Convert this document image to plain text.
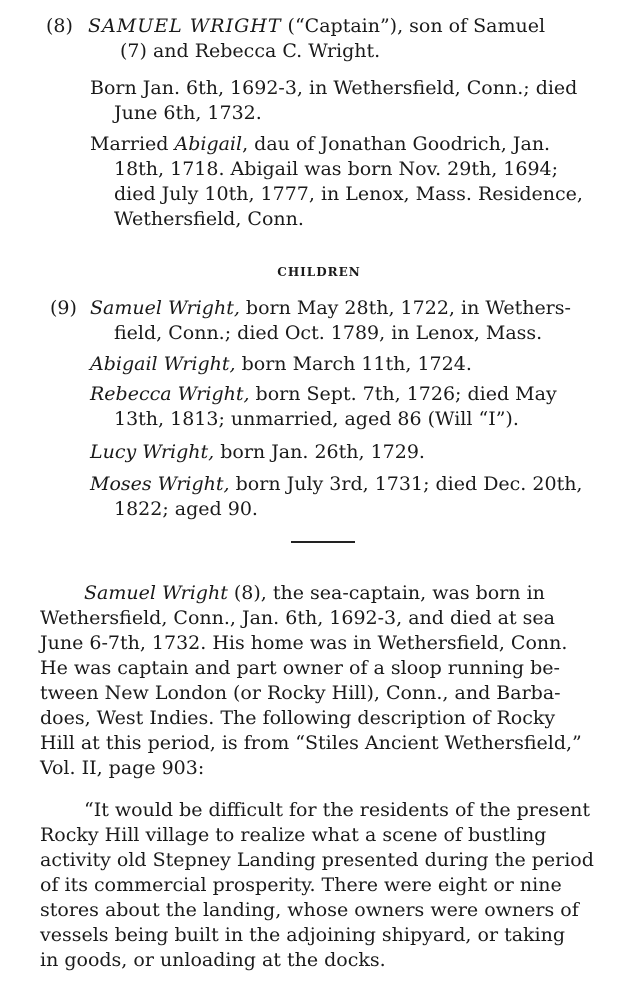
(8) SAMUEL WRIGHT (“Captain”), son of Samuel
(7) and Rebecca C. Wright.
Born Jan. 6th, 1692-3, in Wethersfield, Conn.; died
June 6th, 1732.
Married Abigail, dau of Jonathan Goodrich, Jan.
18th, 1718. Abigail was born Nov. 29th, 1694;
died July 10th, 1777, in Lenox, Mass. Residence,
Wethersfield, Conn.
CHILDREN
(9) Samuel Wright, born May 28th, 1722, in Wethers-
field, Conn.; died Oct. 1789, in Lenox, Mass.
Abigail Wright, born March 11th, 1724.
Rebecca Wright, born Sept. 7th, 1726; died May
13th, 1813; unmarried, aged 86 (Will “I”).
Lucy Wright, born Jan. 26th, 1729.
Moses Wright, born July 3rd, 1731; died Dec. 20th,
1822; aged 90.
Samuel Wright (8), the sea-captain, was born in
Wethersfield, Conn., Jan. 6th, 1692-3, and died at sea
June 6-7th, 1732. His home was in Wethersfield, Conn.
He was captain and part owner of a sloop running be-
tween New London (or Rocky Hill), Conn., and Barba-
does, West Indies. The following description of Rocky
Hill at this period, is from “Stiles Ancient Wethersfield,”
Vol. II, page 903:
“It would be difficult for the residents of the present
Rocky Hill village to realize what a scene of bustling
activity old Stepney Landing presented during the period
of its commercial prosperity. There were eight or nine
stores about the landing, whose owners were owners of
vessels being built in the adjoining shipyard, or taking
in goods, or unloading at the docks.
